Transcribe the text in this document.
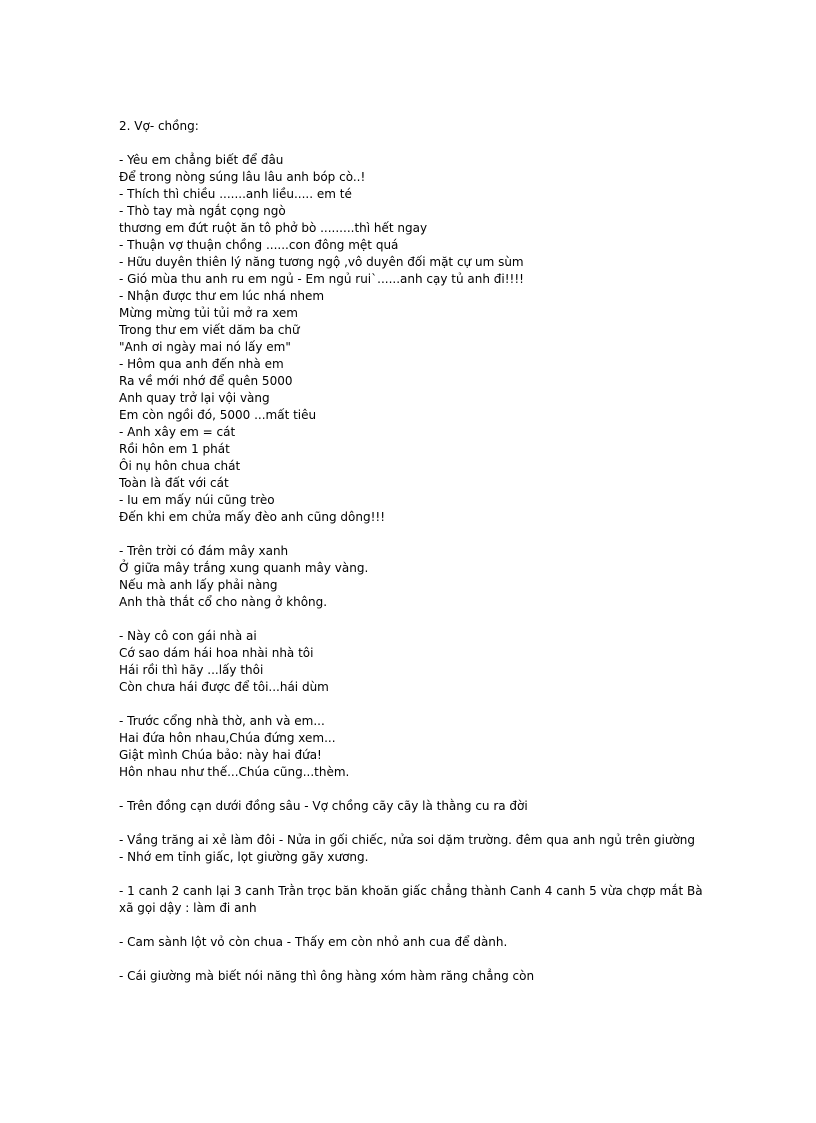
2. Vợ- chồng:
- Yêu em chẳng biết để đâu
Để trong nòng súng lâu lâu anh bóp cò..!
- Thích thì chiều .......anh liều..... em té
- Thò tay mà ngắt cọng ngò
thương em đứt ruột ăn tô phở bò .........thì hết ngay
- Thuận vợ thuận chồng ......con đông mệt quá
- Hữu duyên thiên lý năng tương ngộ ,vô duyên đối mặt cự um sùm
- Gió mùa thu anh ru em ngủ - Em ngủ rui`......anh cạy tủ anh đi!!!!
- Nhận được thư em lúc nhá nhem
Mừng mừng tủi tủi mở ra xem
Trong thư em viết dăm ba chữ
"Anh ơi ngày mai nó lấy em"
- Hôm qua anh đến nhà em
Ra về mới nhớ để quên 5000
Anh quay trở lại vội vàng
Em còn ngồi đó, 5000 ...mất tiêu
- Anh xây em = cát
Rồi hôn em 1 phát
Ôi nụ hôn chua chát
Toàn là đất với cát
- Iu em mấy núi cũng trèo
Đến khi em chửa mấy đèo anh cũng dông!!!
- Trên trời có đám mây xanh
Ở giữa mây trắng xung quanh mây vàng.
Nếu mà anh lấy phải nàng
Anh thà thắt cổ cho nàng ở không.
- Này cô con gái nhà ai
Cớ sao dám hái hoa nhài nhà tôi
Hái rồi thì hãy ...lấy thôi
Còn chưa hái được để tôi...hái dùm
- Trước cổng nhà thờ, anh và em...
Hai đứa hôn nhau,Chúa đứng xem...
Giật mình Chúa bảo: này hai đứa!
Hôn nhau như thế...Chúa cũng...thèm.
- Trên đồng cạn dưới đồng sâu - Vợ chồng cãy cãy là thằng cu ra đời
- Vầng trăng ai xẻ làm đôi - Nửa in gối chiếc, nửa soi dặm trường. đêm qua anh ngủ trên giường
- Nhớ em tỉnh giấc, lọt giường gãy xương.
- 1 canh 2 canh lại 3 canh Trằn trọc băn khoăn giấc chẳng thành Canh 4 canh 5 vừa chợp mắt Bà xã gọi dậy : làm đi anh
- Cam sành lột vỏ còn chua - Thấy em còn nhỏ anh cua để dành.
- Cái giường mà biết nói năng thì ông hàng xóm hàm răng chẳng còn
